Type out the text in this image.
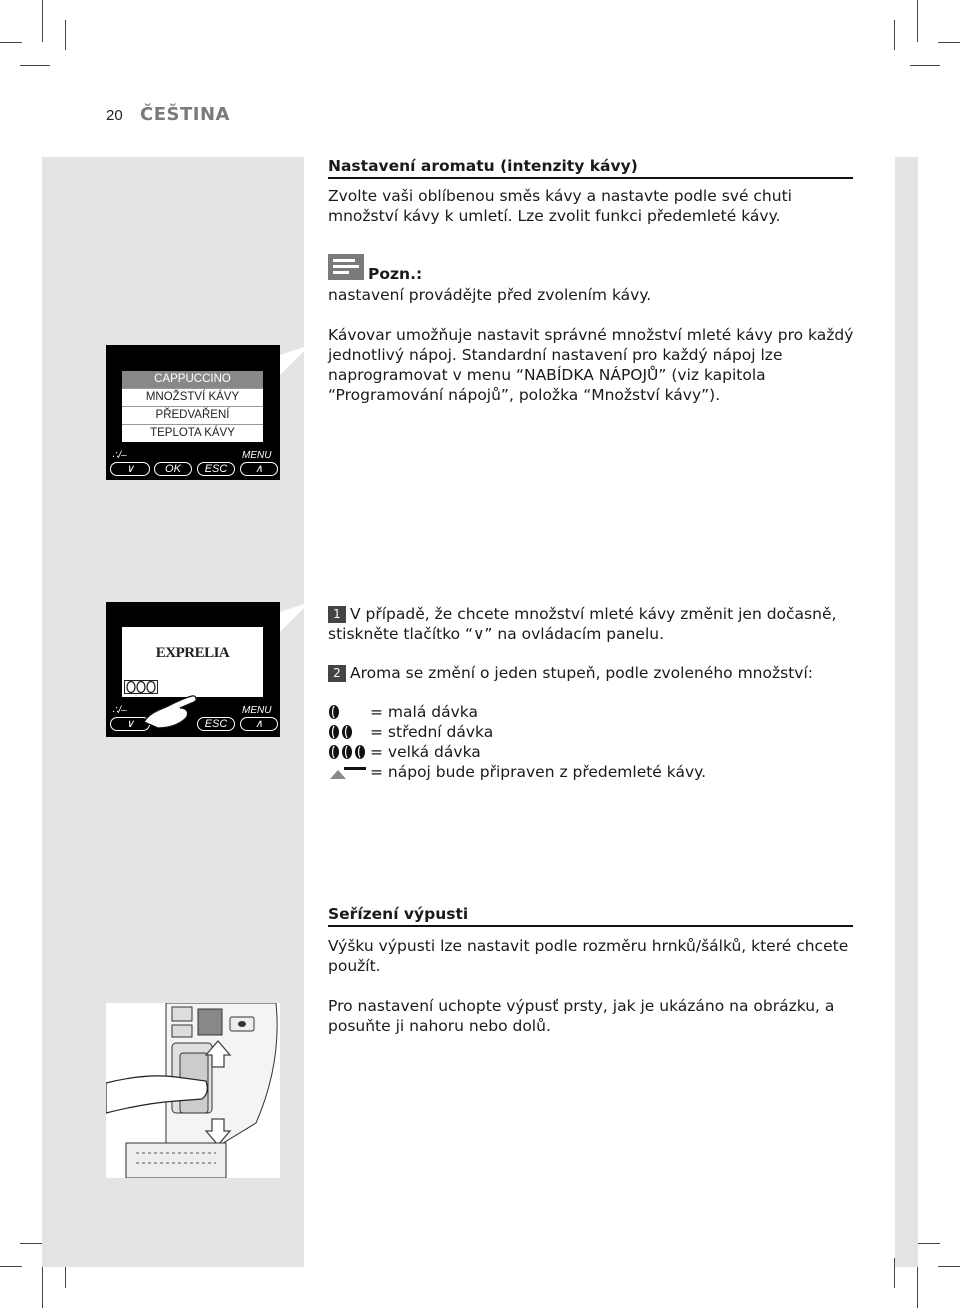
20 ČEŠTINA
Nastavení aromatu (intenzity kávy)

Zvolte vaši oblíbenou směs kávy a nastavte podle své chuti množství kávy k umletí. Lze zvolit funkci předemleté kávy.

Pozn.:
nastavení provádějte před zvolením kávy.
Kávovar umožňuje nastavit správné množství mleté kávy pro každý jednotlivý nápoj. Standardní nastavení pro každý nápoj lze naprogramovat v menu “NABÍDKA NÁPOJŮ” (viz kapitola “Programování nápojů”, položka “Množství kávy”).
CAPPUCCINO
MNOŽSTVÍ KÁVY
PŘEDVAŘENÍ
TEPLOTA KÁVY
∴/–	MENU
∨	OK	ESC	∧
EXPRELIA
∴/–	MENU
∨	ESC	∧

1 V případě, že chcete množství mleté kávy změnit jen dočasně, stiskněte tlačítko “∨” na ovládacím panelu.

2 Aroma se změní o jeden stupeň, podle zvoleného množství:

= malá dávka
= střední dávka
= velká dávka
= nápoj bude připraven z předemleté kávy.
Seřízení výpusti
Výšku výpusti lze nastavit podle rozměru hrnků/šálků, které chcete použít.
Pro nastavení uchopte výpusť prsty, jak je ukázáno na obrázku, a posuňte ji nahoru nebo dolů.
